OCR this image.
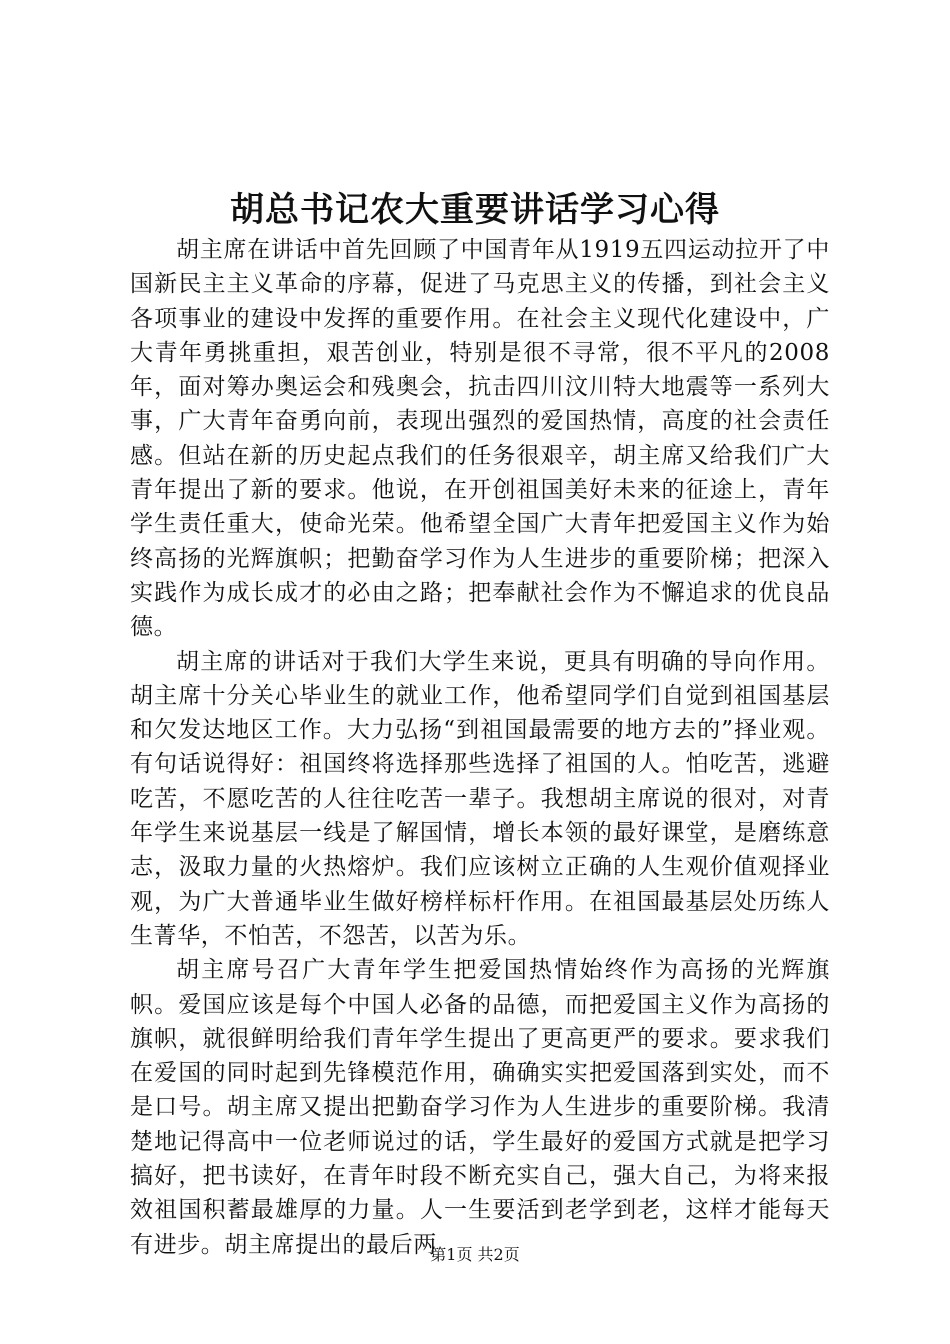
胡总书记农大重要讲话学习心得

胡主席在讲话中首先回顾了中国青年从1919五四运动拉开了中国新民主主义革命的序幕，促进了马克思主义的传播，到社会主义各项事业的建设中发挥的重要作用。在社会主义现代化建设中，广大青年勇挑重担，艰苦创业，特别是很不寻常，很不平凡的2008年，面对筹办奥运会和残奥会，抗击四川汶川特大地震等一系列大事，广大青年奋勇向前，表现出强烈的爱国热情，高度的社会责任感。但站在新的历史起点我们的任务很艰辛，胡主席又给我们广大青年提出了新的要求。他说，在开创祖国美好未来的征途上，青年学生责任重大，使命光荣。他希望全国广大青年把爱国主义作为始终高扬的光辉旗帜；把勤奋学习作为人生进步的重要阶梯；把深入实践作为成长成才的必由之路；把奉献社会作为不懈追求的优良品德。

胡主席的讲话对于我们大学生来说，更具有明确的导向作用。胡主席十分关心毕业生的就业工作，他希望同学们自觉到祖国基层和欠发达地区工作。大力弘扬“到祖国最需要的地方去的”择业观。有句话说得好：祖国终将选择那些选择了祖国的人。怕吃苦，逃避吃苦，不愿吃苦的人往往吃苦一辈子。我想胡主席说的很对，对青年学生来说基层一线是了解国情，增长本领的最好课堂，是磨练意志，汲取力量的火热熔炉。我们应该树立正确的人生观价值观择业观，为广大普通毕业生做好榜样标杆作用。在祖国最基层处历练人生菁华，不怕苦，不怨苦，以苦为乐。

胡主席号召广大青年学生把爱国热情始终作为高扬的光辉旗帜。爱国应该是每个中国人必备的品德，而把爱国主义作为高扬的旗帜，就很鲜明给我们青年学生提出了更高更严的要求。要求我们在爱国的同时起到先锋模范作用，确确实实把爱国落到实处，而不是口号。胡主席又提出把勤奋学习作为人生进步的重要阶梯。我清楚地记得高中一位老师说过的话，学生最好的爱国方式就是把学习搞好，把书读好，在青年时段不断充实自己，强大自己，为将来报效祖国积蓄最雄厚的力量。人一生要活到老学到老，这样才能每天有进步。胡主席提出的最后两

第1页 共2页
